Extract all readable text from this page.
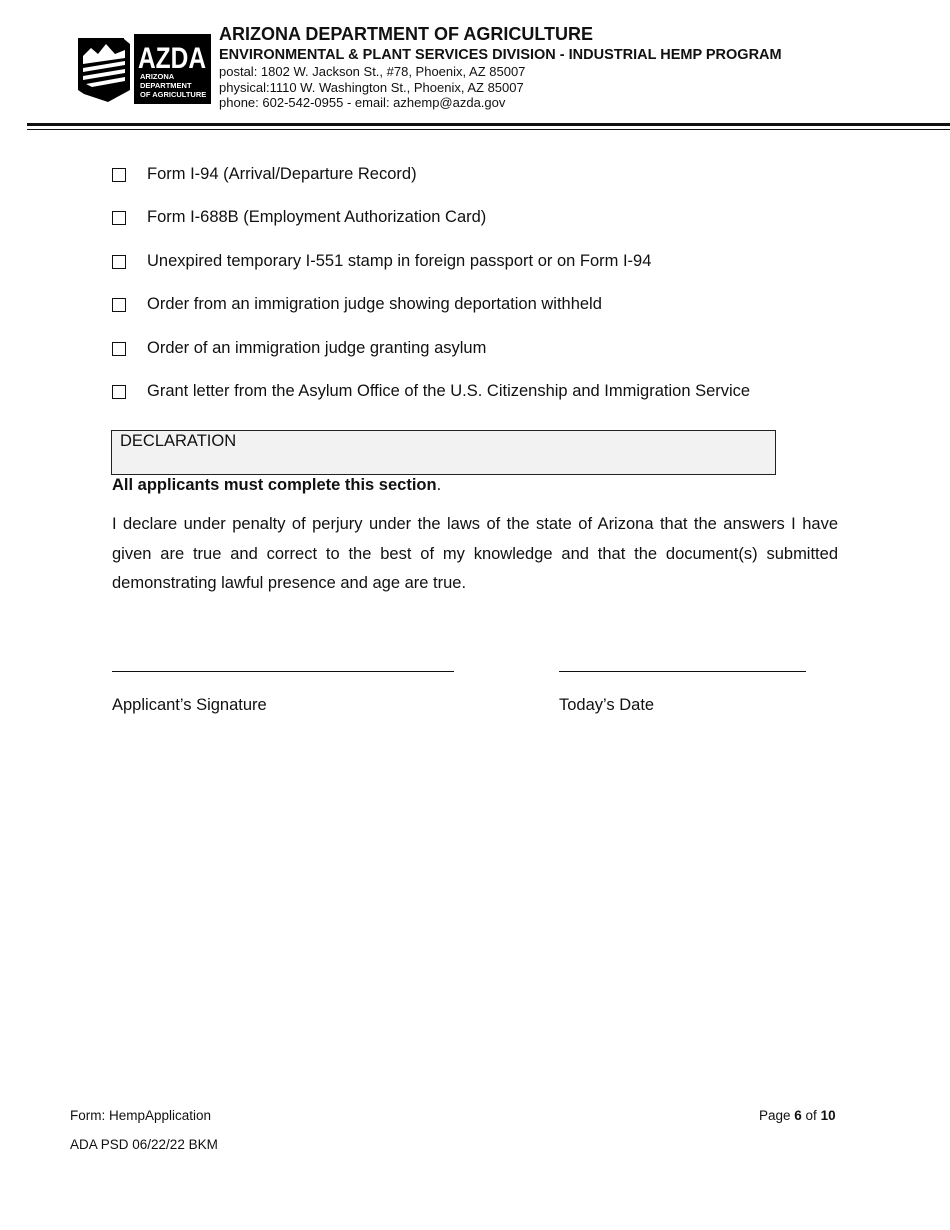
AZDA
ARIZONA
DEPARTMENT
OF AGRICULTURE
ARIZONA DEPARTMENT OF AGRICULTURE
ENVIRONMENTAL & PLANT SERVICES DIVISION - INDUSTRIAL HEMP PROGRAM
postal: 1802 W. Jackson St., #78, Phoenix, AZ 85007
physical:1110 W. Washington St., Phoenix, AZ 85007
phone: 602-542-0955 - email: azhemp@azda.gov
Form I-94 (Arrival/Departure Record)
Form I-688B (Employment Authorization Card)
Unexpired temporary I-551 stamp in foreign passport or on Form I-94
Order from an immigration judge showing deportation withheld
Order of an immigration judge granting asylum
Grant letter from the Asylum Office of the U.S. Citizenship and Immigration Service
DECLARATION
All applicants must complete this section.
I declare under penalty of perjury under the laws of the state of Arizona that the answers I have given are true and correct to the best of my knowledge and that the document(s) submitted demonstrating lawful presence and age are true.
Applicant’s Signature	Today’s Date
Form: HempApplication
ADA PSD 06/22/22 BKM
Page 6 of 10
